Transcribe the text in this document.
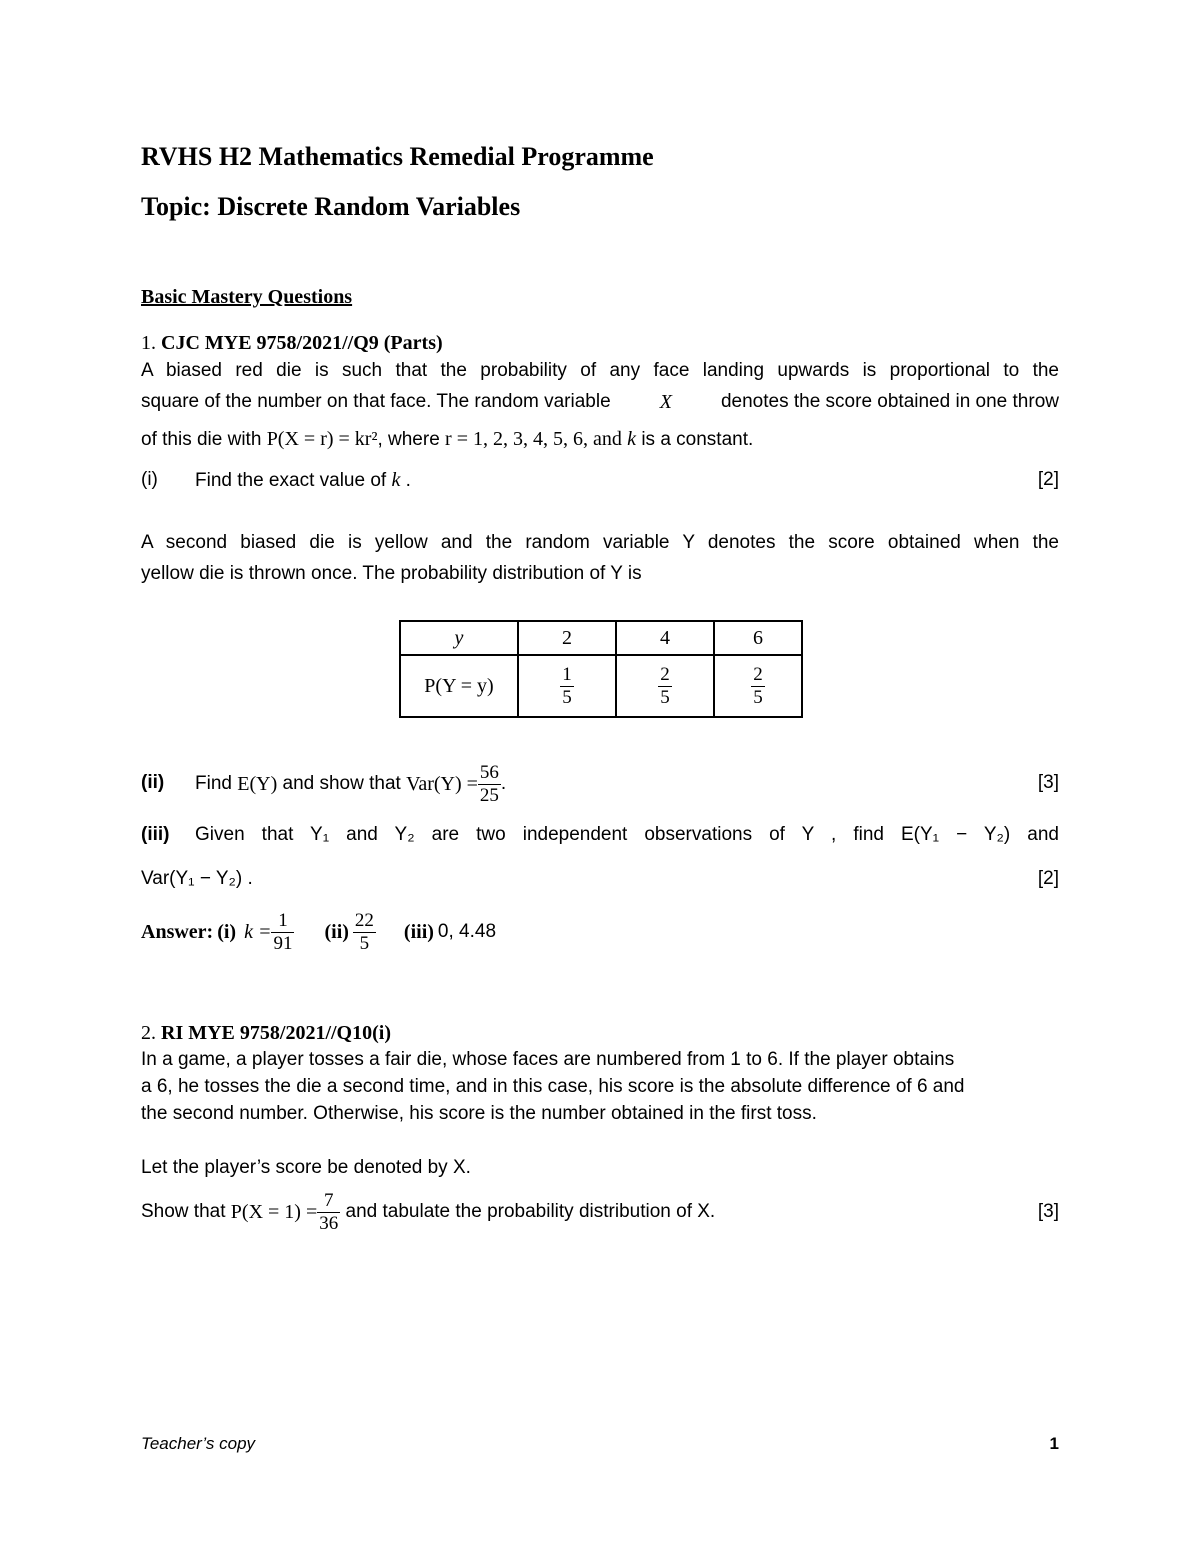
RVHS H2 Mathematics Remedial Programme
Topic: Discrete Random Variables
Basic Mastery Questions
1. CJC MYE 9758/2021//Q9 (Parts)
A biased red die is such that the probability of any face landing upwards is proportional to the
square of the number on that face. The random variable X	denotes the score obtained in one throw
of this die with P(X = r) = kr², where r = 1, 2, 3, 4, 5, 6, and k is a constant.
(i) Find the exact value of k .	[2]
A second biased die is yellow and the random variable Y denotes the score obtained when the
yellow die is thrown once. The probability distribution of Y is
y	2	4	6
P(Y = y)	$\frac{1}{5}$	$\frac{2}{5}$	$\frac{2}{5}$
(ii) Find
E(Y)
and show that
$Var(Y) = \frac{56}{25}$ .	[3]
(iii) Given that Y₁ and Y₂ are two independent observations of Y , find E(Y₁ − Y₂) and
Var(Y₁ − Y₂) .	[2]
Answer:
(i)
$k = \frac{1}{91} (ii)$
$\frac{22}{5} (iii)$
0, 4.48
2. RI MYE 9758/2021//Q10(i)
In a game, a player tosses a fair die, whose faces are numbered from 1 to 6. If the player obtains
a 6, he tosses the die a second time, and in this case, his score is the absolute difference of 6 and
the second number. Otherwise, his score is the number obtained in the first toss.
Let the player’s score be denoted by X.
Show that
$P(X = 1) = \frac{7}{36}$
and tabulate the probability distribution of X.	[3]
Teacher’s copy	1
